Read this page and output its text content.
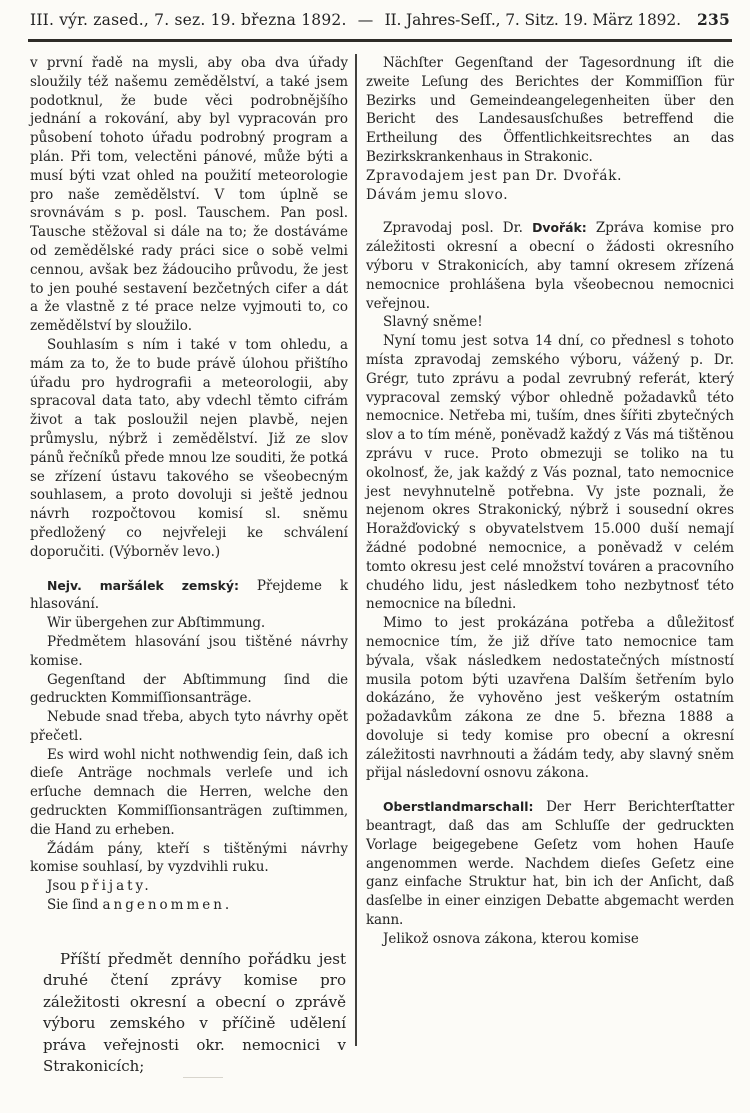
III. výr. zased., 7. sez. 19. března 1892. — II. Jahres-Seſſ., 7. Sitz. 19. März 1892.	235

v první řadě na mysli, aby oba dva úřady sloužily též našemu zemědělství, a také jsem podotknul, že bude věci podrobnějšího jednání a rokování, aby byl vypracován pro působení tohoto úřadu podrobný program a plán. Při tom, velectěni pánové, může býti a musí býti vzat ohled na použití meteorologie pro naše zemědělství. V tom úplně se srovnávám s p. posl. Tauschem. Pan posl. Tausche stěžoval si dále na to; že dostáváme od zemědělské rady práci sice o sobě velmi cennou, avšak bez žádouciho průvodu, že jest to jen pouhé sestavení bezčetných cifer a dát a že vlastně z té prace nelze vyjmouti to, co zemědělství by sloužilo.

Souhlasím s ním i také v tom ohledu, a mám za to, že to bude právě úlohou přištího úřadu pro hydrografii a meteorologii, aby spracoval data tato, aby vdechl těmto cifrám život a tak posloužil nejen plavbě, nejen průmyslu, nýbrž i zemědělství. Již ze slov pánů řečníků přede mnou lze souditi, že potká se zřízení ústavu takového se všeobecným souhlasem, a proto dovoluji si ještě jednou návrh rozpočtovou komisí sl. sněmu předložený co nejvřeleji ke schválení doporučiti. (Výborněv levo.)

Nejv. maršálek zemský: Přejdeme k hlasování.

Wir übergehen zur Abſtimmung.

Předmětem hlasování jsou tištěné návrhy komise.

Gegenſtand der Abſtimmung ſind die gedruckten Kommiſſionsanträge.

Nebude snad třeba, abych tyto návrhy opět přečetl.

Es wird wohl nicht nothwendig ſein, daß ich dieſe Anträge nochmals verleſe und ich erſuche demnach die Herren, welche den gedruckten Kommiſſionsanträgen zuſtimmen, die Hand zu erheben.

Žádám pány, kteří s tištěnými návrhy komise souhlasí, by vyzdvihli ruku.

Jsou přijaty.

Sie ſind angenommen.

Příští předmět denního pořádku jest druhé čtení zprávy komise pro záležitosti okresní a obecní o zprávě výboru zemského v příčině udělení práva veřejnosti okr. nemocnici v Strakonicích;

Nächſter Gegenſtand der Tagesordnung iſt die zweite Leſung des Berichtes der Kommiſſion für Bezirks und Gemeindeangelegenheiten über den Bericht des Landesausſchußes betreffend die Ertheilung des Öffentlichkeitsrechtes an das Bezirkskrankenhaus in Strakonic.

Zpravodajem jest pan Dr. Dvořák.

Dávám jemu slovo.

Zpravodaj posl. Dr. Dvořák: Zpráva komise pro záležitosti okresní a obecní o žádosti okresního výboru v Strakonicích, aby tamní okresem zřízená nemocnice prohlášena byla všeobecnou nemocnici veřejnou.

Slavný sněme!

Nyní tomu jest sotva 14 dní, co přednesl s tohoto místa zpravodaj zemského výboru, vážený p. Dr. Grégr, tuto zprávu a podal zevrubný referát, který vypracoval zemský výbor ohledně požadavků této nemocnice. Netřeba mi, tuším, dnes šířiti zbytečných slov a to tím méně, poněvadž každý z Vás má tištěnou zprávu v ruce. Proto obmezuji se toliko na tu okolnosť, že, jak každý z Vás poznal, tato nemocnice jest nevyhnutelně potřebna. Vy jste poznali, že nejenom okres Strakonický, nýbrž i sousední okres Horažďovický s obyvatelstvem 15.000 duší nemají žádné podobné nemocnice, a poněvadž v celém tomto okresu jest celé množství továren a pracovního chudého lidu, jest následkem toho nezbytnosť této nemocnice na bíledni.

Mimo to jest prokázána potřeba a důležitosť nemocnice tím, že již dříve tato nemocnice tam bývala, však následkem nedostatečných místností musila potom býti uzavřena Dalším šetřením bylo dokázáno, že vyhověno jest veškerým ostatním požadavkům zákona ze dne 5. března 1888 a dovoluje si tedy komise pro obecní a okresní záležitosti navrhnouti a žádám tedy, aby slavný sněm přijal následovní osnovu zákona.

Oberstlandmarschall: Der Herr Berichterſtatter beantragt, daß das am Schluſſe der gedruckten Vorlage beigegebene Geſetz vom hohen Hauſe angenommen werde. Nachdem dieſes Geſetz eine ganz einfache Struktur hat, bin ich der Anſicht, daß dasſelbe in einer einzigen Debatte abgemacht werden kann.

Jelikož osnova zákona, kterou komise
